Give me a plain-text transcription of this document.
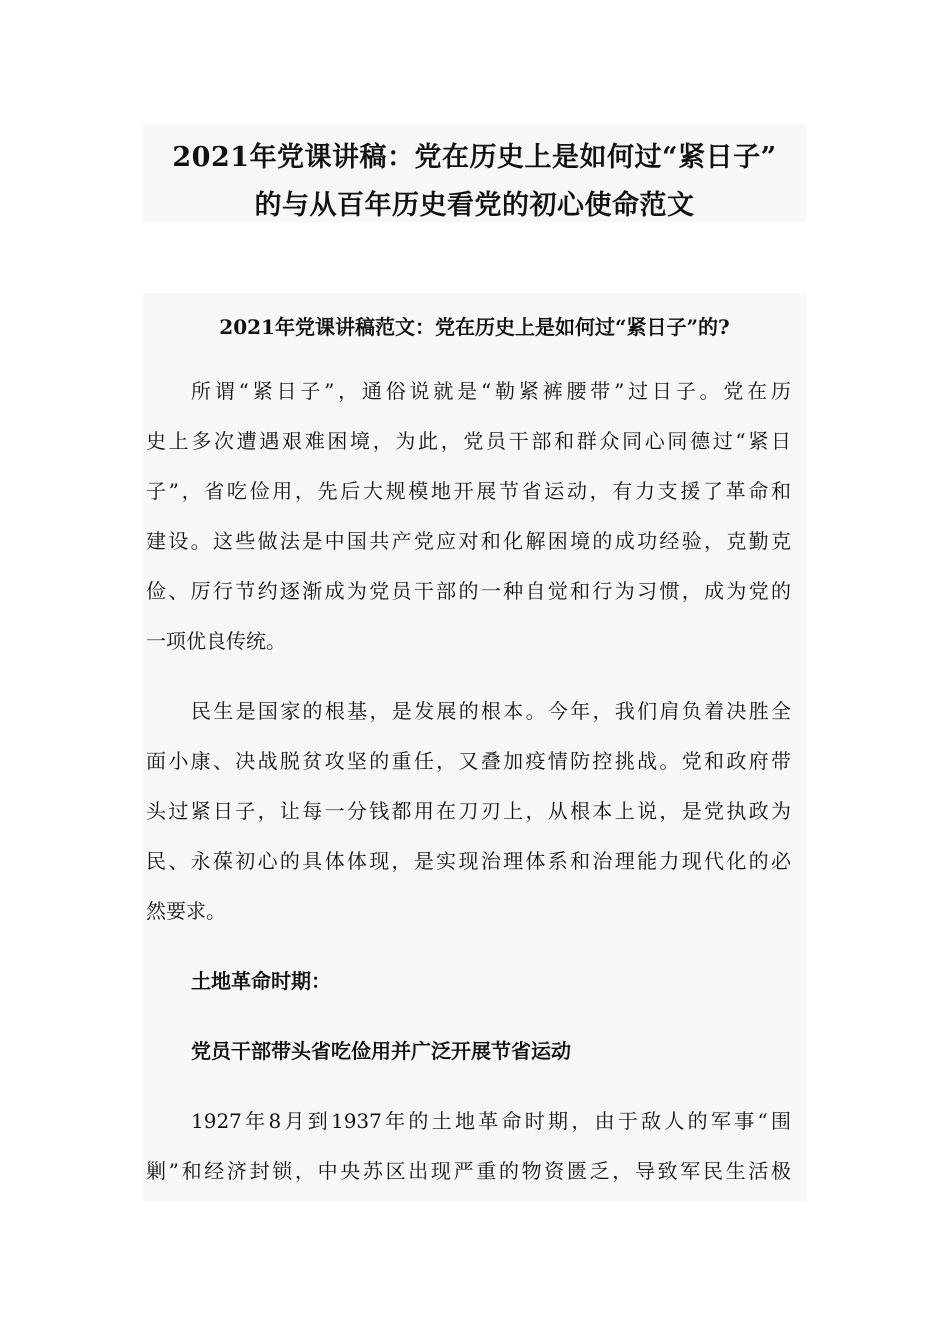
2021年党课讲稿：党在历史上是如何过“紧日子”
的与从百年历史看党的初心使命范文
2021年党课讲稿范文：党在历史上是如何过“紧日子”的?
所谓“紧日子”，通俗说就是“勒紧裤腰带”过日子。党在历
史上多次遭遇艰难困境，为此，党员干部和群众同心同德过“紧日
子”，省吃俭用，先后大规模地开展节省运动，有力支援了革命和
建设。这些做法是中国共产党应对和化解困境的成功经验，克勤克
俭、厉行节约逐渐成为党员干部的一种自觉和行为习惯，成为党的
一项优良传统。
民生是国家的根基，是发展的根本。今年，我们肩负着决胜全
面小康、决战脱贫攻坚的重任，又叠加疫情防控挑战。党和政府带
头过紧日子，让每一分钱都用在刀刃上，从根本上说，是党执政为
民、永葆初心的具体体现，是实现治理体系和治理能力现代化的必
然要求。
土地革命时期：
党员干部带头省吃俭用并广泛开展节省运动
1927年8月到1937年的土地革命时期，由于敌人的军事“围
剿”和经济封锁，中央苏区出现严重的物资匮乏，导致军民生活极
